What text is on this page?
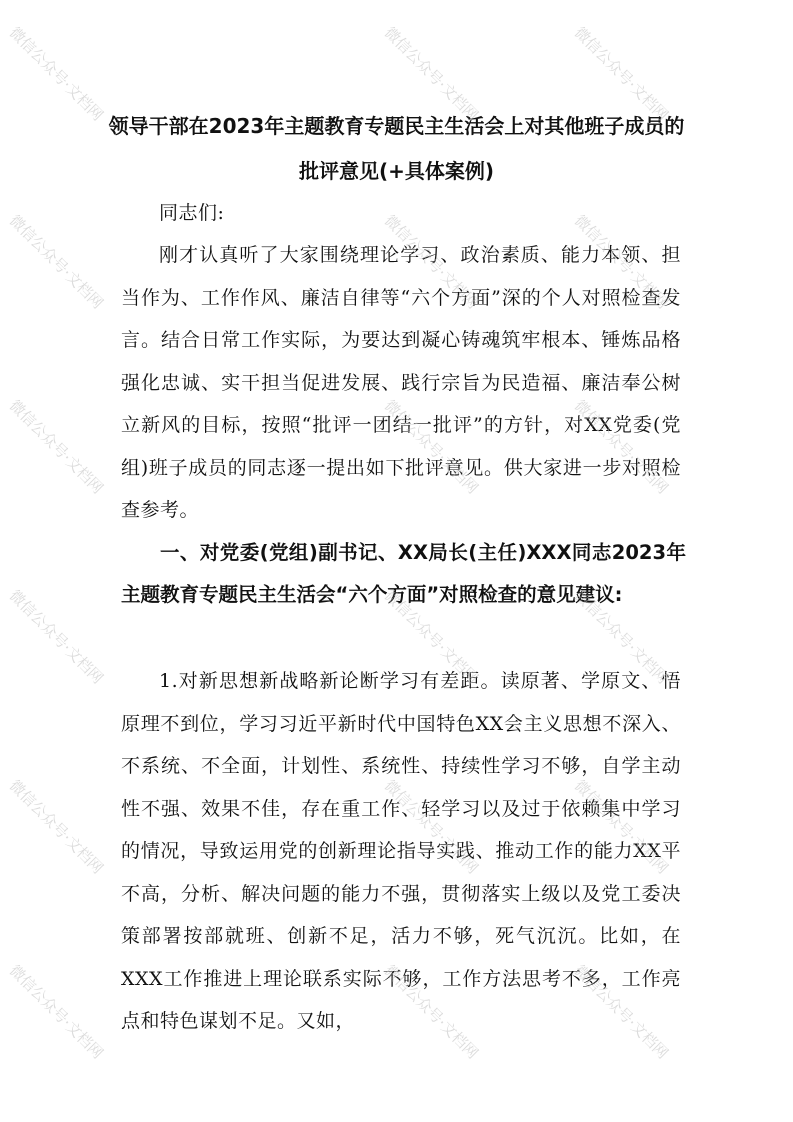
领导干部在2023年主题教育专题民主生活会上对其他班子成员的批评意见(+具体案例)

同志们:

刚才认真听了大家围绕理论学习、政治素质、能力本领、担当作为、工作作风、廉洁自律等“六个方面”深的个人对照检查发言。结合日常工作实际，为要达到凝心铸魂筑牢根本、锤炼品格强化忠诚、实干担当促进发展、践行宗旨为民造福、廉洁奉公树立新风的目标，按照“批评一团结一批评”的方针，对XX党委(党组)班子成员的同志逐一提出如下批评意见。供大家进一步对照检查参考。

一、对党委(党组)副书记、XX局长(主任)XXX同志2023年主题教育专题民主生活会“六个方面”对照检查的意见建议:

1.对新思想新战略新论断学习有差距。读原著、学原文、悟原理不到位，学习习近平新时代中国特色XX会主义思想不深入、不系统、不全面，计划性、系统性、持续性学习不够，自学主动性不强、效果不佳，存在重工作、轻学习以及过于依赖集中学习的情况，导致运用党的创新理论指导实践、推动工作的能力XX平不高，分析、解决问题的能力不强，贯彻落实上级以及党工委决策部署按部就班、创新不足，活力不够，死气沉沉。比如，在XXX工作推进上理论联系实际不够，工作方法思考不多，工作亮点和特色谋划不足。又如，

微信公众号·文档网	微信公众号·文档网	微信公众号·文档网
微信公众号·文档网	微信公众号·文档网	微信公众号·文档网
微信公众号·文档网	微信公众号·文档网	微信公众号·文档网
微信公众号·文档网	微信公众号·文档网	微信公众号·文档网
微信公众号·文档网	微信公众号·文档网	微信公众号·文档网
微信公众号·文档网	微信公众号·文档网	微信公众号·文档网
